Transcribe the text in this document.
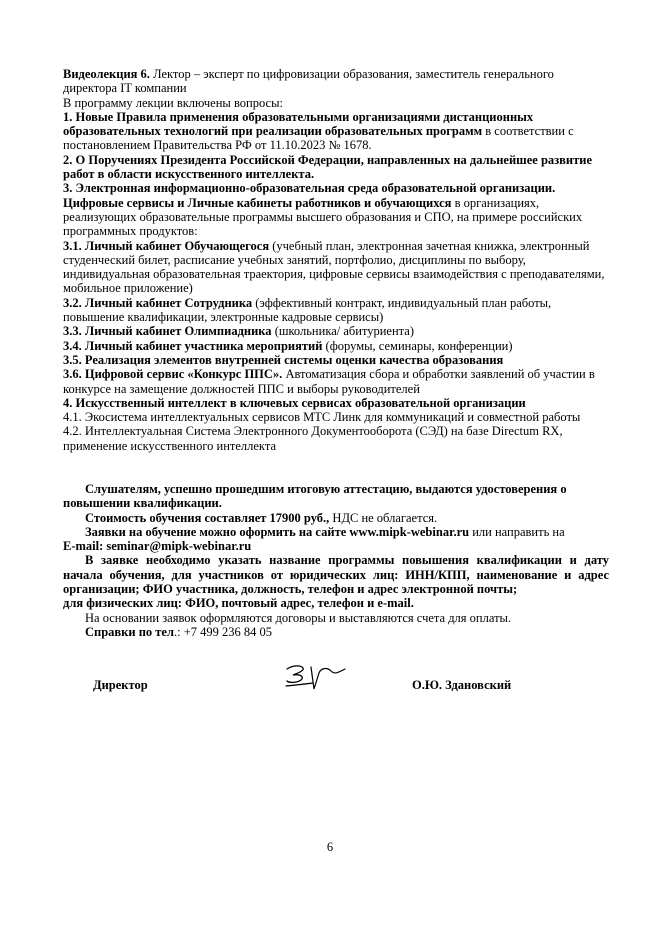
Видеолекция 6. Лектор – эксперт по цифровизации образования, заместитель генерального директора IT компании

В программу лекции включены вопросы:

1. Новые Правила применения образовательными организациями дистанционных образовательных технологий при реализации образовательных программ в соответствии с постановлением Правительства РФ от 11.10.2023 № 1678.

2. О Поручениях Президента Российской Федерации, направленных на дальнейшее развитие работ в области искусственного интеллекта.

3. Электронная информационно-образовательная среда образовательной организации. Цифровые сервисы и Личные кабинеты работников и обучающихся в организациях, реализующих образовательные программы высшего образования и СПО, на примере российских программных продуктов:

3.1. Личный кабинет Обучающегося (учебный план, электронная зачетная книжка, электронный студенческий билет, расписание учебных занятий, портфолио, дисциплины по выбору, индивидуальная образовательная траектория, цифровые сервисы взаимодействия с преподавателями, мобильное приложение)

3.2. Личный кабинет Сотрудника (эффективный контракт, индивидуальный план работы, повышение квалификации, электронные кадровые сервисы)

3.3. Личный кабинет Олимпиадника (школьника/ абитуриента)

3.4. Личный кабинет участника мероприятий (форумы, семинары, конференции)

3.5. Реализация элементов внутренней системы оценки качества образования

3.6. Цифровой сервис «Конкурс ППС». Автоматизация сбора и обработки заявлений об участии в конкурсе на замещение должностей ППС и выборы руководителей

4. Искусственный интеллект в ключевых сервисах образовательной организации

4.1. Экосистема интеллектуальных сервисов МТС Линк для коммуникаций и совместной работы

4.2. Интеллектуальная Система Электронного Документооборота (СЭД) на базе Directum RX, применение искусственного интеллекта

Слушателям, успешно прошедшим итоговую аттестацию, выдаются удостоверения о повышении квалификации.

Стоимость обучения составляет 17900 руб., НДС не облагается.

Заявки на обучение можно оформить на сайте www.mipk-webinar.ru или направить на

E-mail: seminar@mipk-webinar.ru

В заявке необходимо указать название программы повышения квалификации и дату начала обучения, для участников от юридических лиц: ИНН/КПП, наименование и адрес организации; ФИО участника, должность, телефон и адрес электронной почты;

для физических лиц: ФИО, почтовый адрес, телефон и e-mail.

На основании заявок оформляются договоры и выставляются счета для оплаты.

Справки по тел.: +7 499 236 84 05

Директор	О.Ю. Здановский
6
